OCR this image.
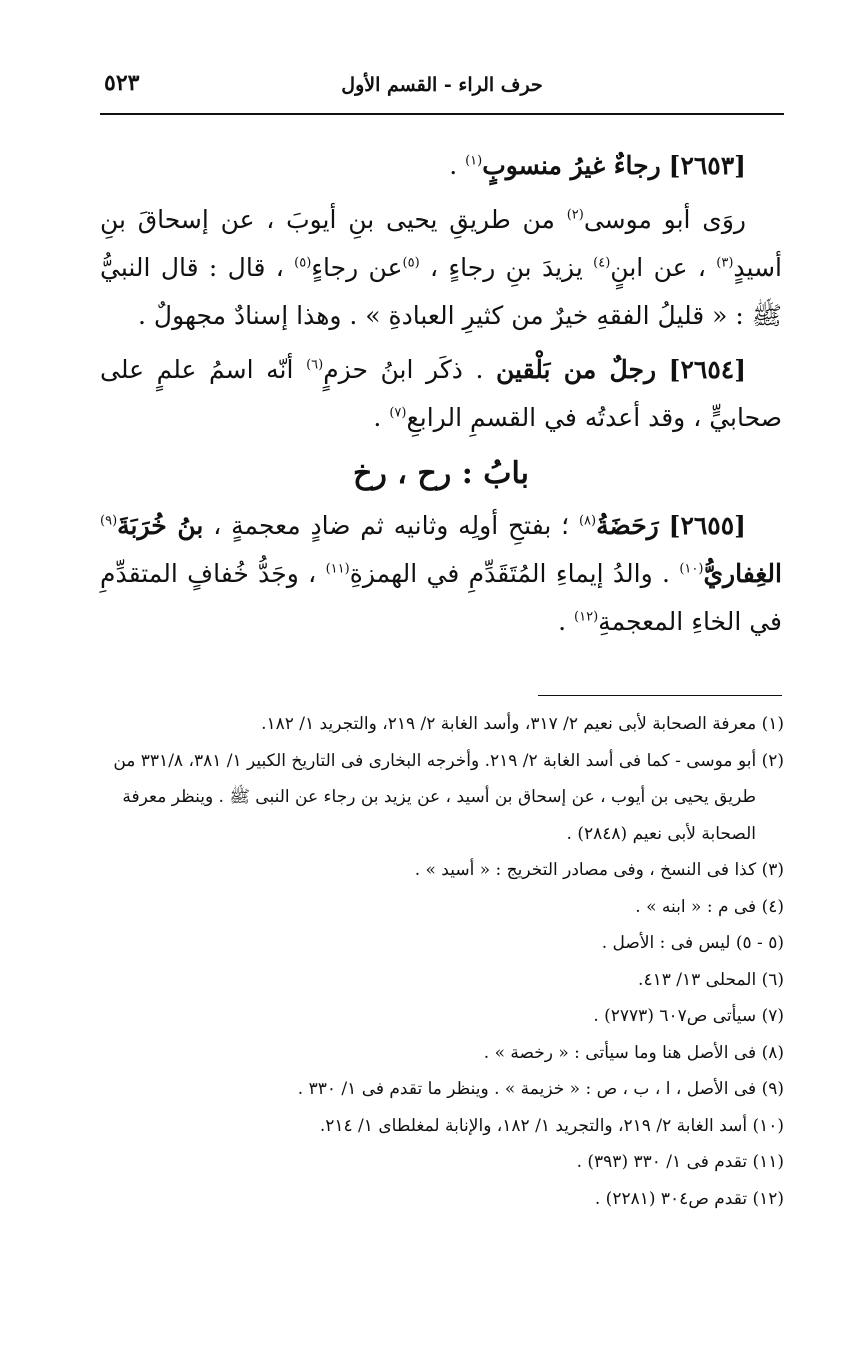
حرف الراء - القسم الأول
٥٢٣

[٢٦٥٣] رجاءٌ غيرُ منسوبٍ$^{(١)}$ .

روَى أبو موسى$^{(٢)}$ من طريقِ يحيى بنِ أيوبَ ، عن إسحاقَ بنِ أسيدٍ$^{(٣)}$ ، عن ابنٍ$^{(٤)}$ يزيدَ بنِ رجاءٍ ، $^{(٥)}$عن رجاءٍ$^{(٥)}$ ، قال : قال النبيُّ ﷺ : « قليلُ الفقهِ خيرٌ من كثيرِ العبادةِ » . وهذا إسنادٌ مجهولٌ .

[٢٦٥٤] رجلٌ من بَلْقين . ذكَر ابنُ حزمٍ$^{(٦)}$ أنّه اسمُ علمٍ على صحابيٍّ ، وقد أعدتُه في القسمِ الرابعِ$^{(٧)}$ .

بابُ : رح ، رخ

[٢٦٥٥] رَحَضَةُ$^{(٨)}$ ؛ بفتحِ أولِه وثانيه ثم ضادٍ معجمةٍ ، بنُ خُرَبَةَ$^{(٩)}$ الغِفاريُّ$^{(١٠)}$ . والدُ إيماءِ المُتَقَدِّمِ في الهمزةِ$^{(١١)}$ ، وجَدُّ خُفافٍ المتقدِّمِ في الخاءِ المعجمةِ$^{(١٢)}$ .

(١) معرفة الصحابة لأبى نعيم ٢/ ٣١٧، وأسد الغابة ٢/ ٢١٩، والتجريد ١/ ١٨٢.

(٢) أبو موسى - كما فى أسد الغابة ٢/ ٢١٩. وأخرجه البخارى فى التاريخ الكبير ١/ ٣٨١، ٣٣١/٨ من طريق يحيى بن أيوب ، عن إسحاق بن أسيد ، عن يزيد بن رجاء عن النبى ﷺ . وينظر معرفة الصحابة لأبى نعيم (٢٨٤٨) .

(٣) كذا فى النسخ ، وفى مصادر التخريج : « أسيد » .

(٤) فى م : « ابنه » .

(٥ - ٥) ليس فى : الأصل .

(٦) المحلى ١٣/ ٤١٣.

(٧) سيأتى ص٦٠٧ (٢٧٧٣) .

(٨) فى الأصل هنا وما سيأتى : « رخصة » .

(٩) فى الأصل ، ا ، ب ، ص : « خزيمة » . وينظر ما تقدم فى ١/ ٣٣٠ .

(١٠) أسد الغابة ٢/ ٢١٩، والتجريد ١/ ١٨٢، والإنابة لمغلطاى ١/ ٢١٤.

(١١) تقدم فى ١/ ٣٣٠ (٣٩٣) .

(١٢) تقدم ص٣٠٤ (٢٢٨١) .
